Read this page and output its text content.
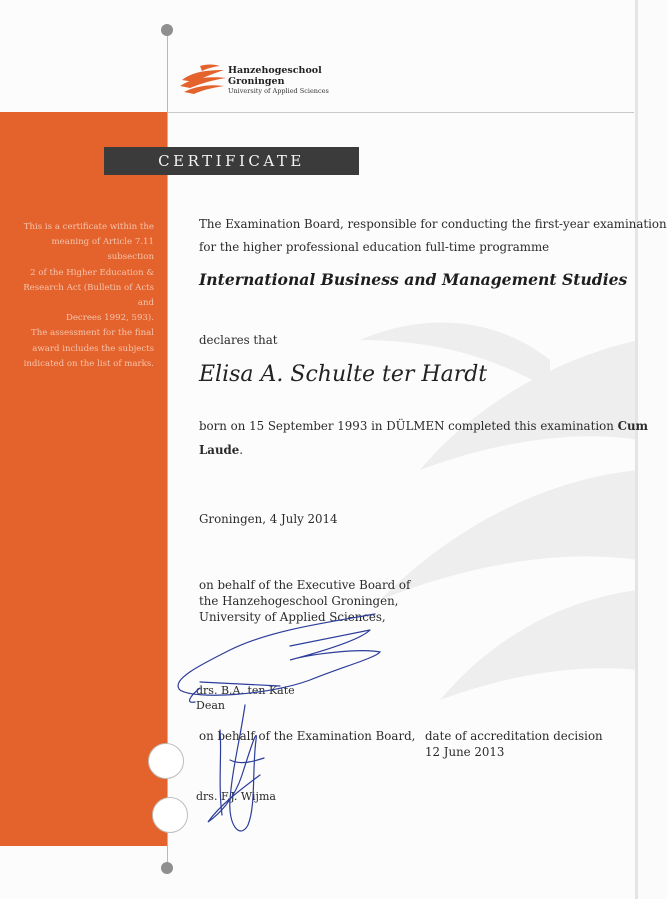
This is a certificate within the
meaning of Article 7.11 subsection
2 of the Higher Education &
Research Act (Bulletin of Acts and
Decrees 1992, 593).
The assessment for the final
award includes the subjects
indicated on the list of marks.
Hanzehogeschool
Groningen
University of Applied Sciences
CERTIFICATE
The Examination Board, responsible for conducting the first-year examination
for the higher professional education full-time programme
International Business and Management Studies
declares that
Elisa A. Schulte ter Hardt
born on 15 September 1993 in DÜLMEN completed this examination Cum
Laude.
Groningen, 4 July 2014
on behalf of the Executive Board of
the Hanzehogeschool Groningen,
University of Applied Sciences,
drs. B.A. ten Kate
Dean
on behalf of the Examination Board,
drs. F.J. Wijma
date of accreditation decision
12 June 2013
